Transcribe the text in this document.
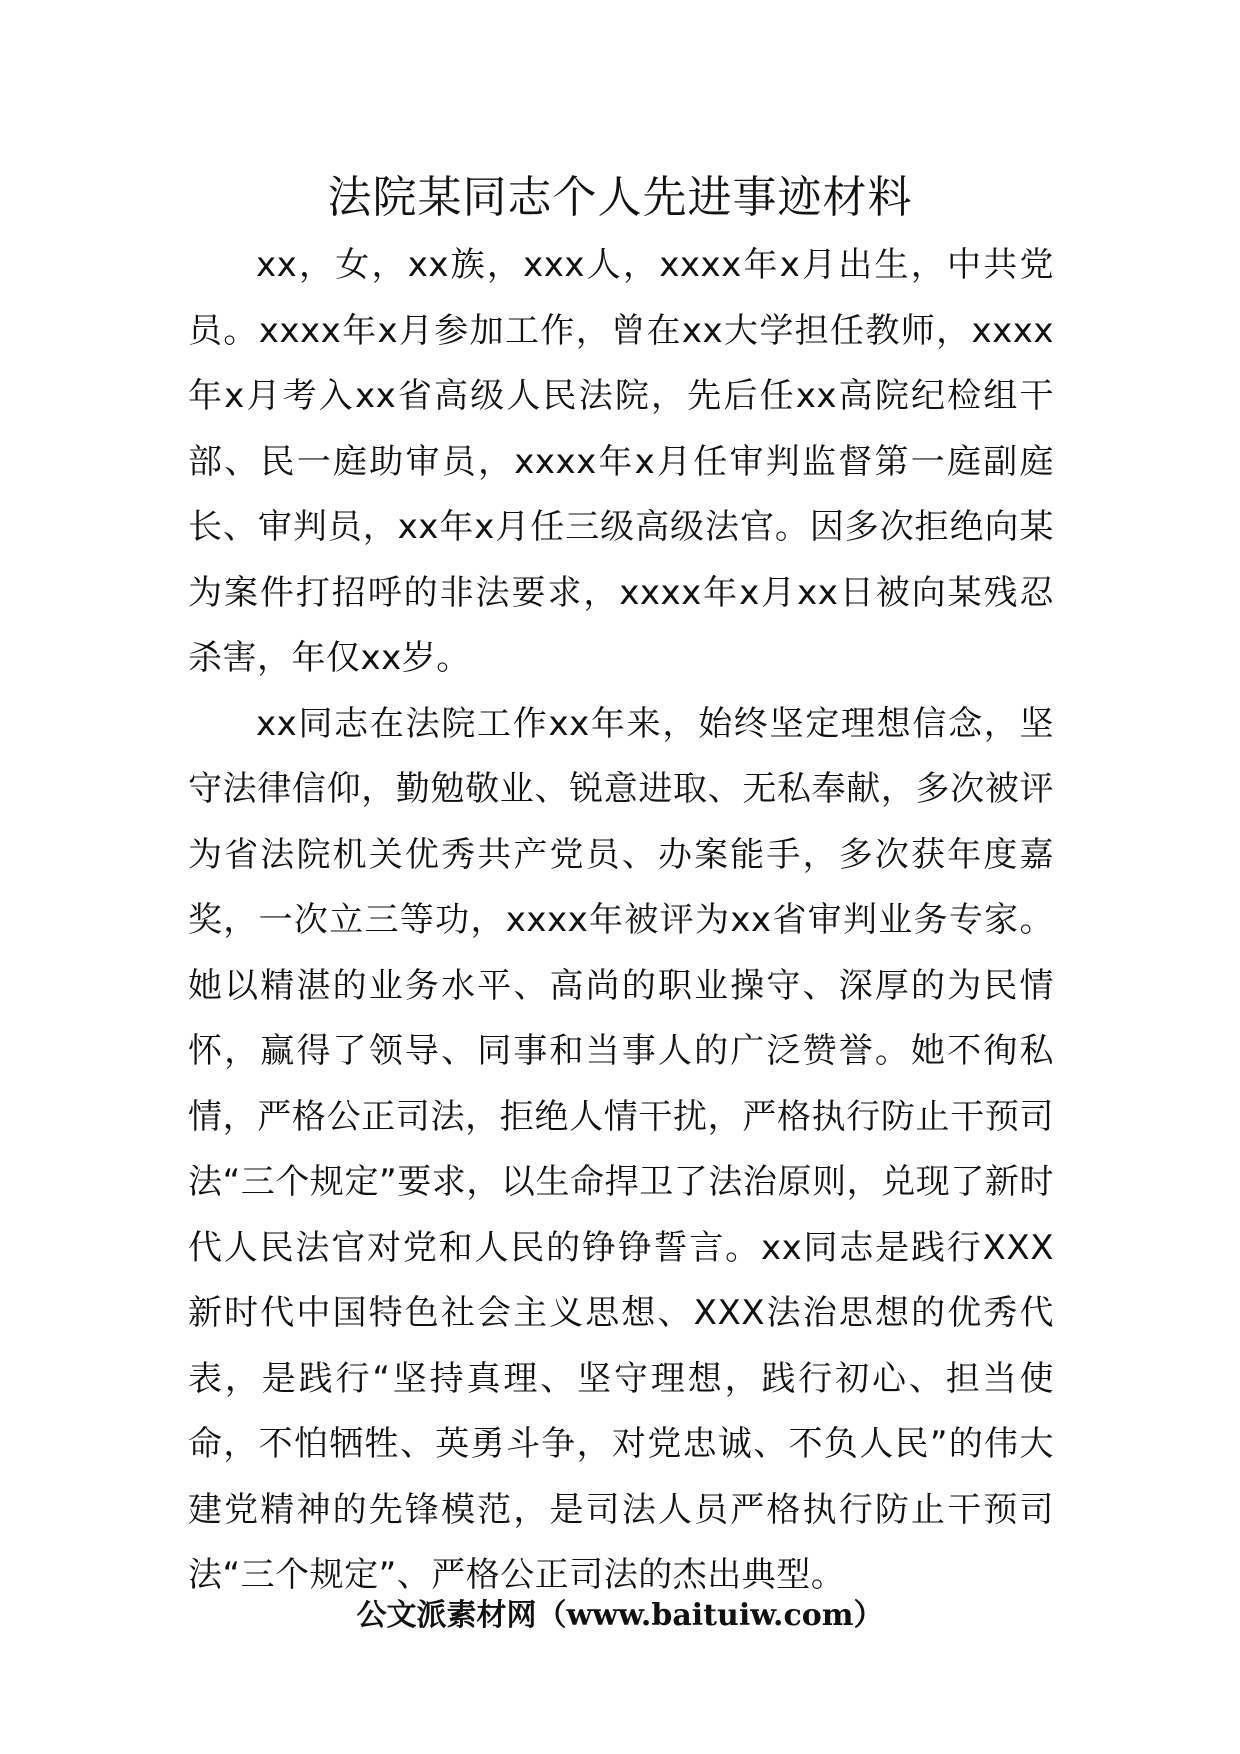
法院某同志个人先进事迹材料

xx，女，xx族，xxx人，xxxx年x月出生，中共党员。xxxx年x月参加工作，曾在xx大学担任教师，xxxx年x月考入xx省高级人民法院，先后任xx高院纪检组干部、民一庭助审员，xxxx年x月任审判监督第一庭副庭长、审判员，xx年x月任三级高级法官。因多次拒绝向某为案件打招呼的非法要求，xxxx年x月xx日被向某残忍杀害，年仅xx岁。

xx同志在法院工作xx年来，始终坚定理想信念，坚守法律信仰，勤勉敬业、锐意进取、无私奉献，多次被评为省法院机关优秀共产党员、办案能手，多次获年度嘉奖，一次立三等功，xxxx年被评为xx省审判业务专家。她以精湛的业务水平、高尚的职业操守、深厚的为民情怀，赢得了领导、同事和当事人的广泛赞誉。她不徇私情，严格公正司法，拒绝人情干扰，严格执行防止干预司法“三个规定”要求，以生命捍卫了法治原则，兑现了新时代人民法官对党和人民的铮铮誓言。xx同志是践行XXX新时代中国特色社会主义思想、XXX法治思想的优秀代表，是践行“坚持真理、坚守理想，践行初心、担当使命，不怕牺牲、英勇斗争，对党忠诚、不负人民”的伟大建党精神的先锋模范，是司法人员严格执行防止干预司法“三个规定”、严格公正司法的杰出典型。

公文派素材网（www.baituiw.com）
